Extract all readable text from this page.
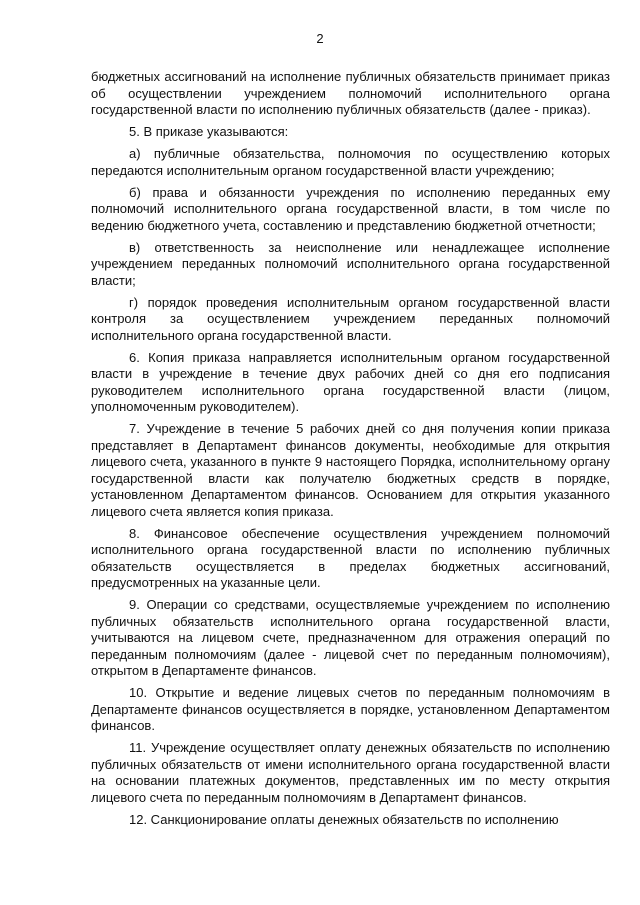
2

бюджетных ассигнований на исполнение публичных обязательств принимает приказ об осуществлении учреждением полномочий исполнительного органа государственной власти по исполнению публичных обязательств (далее - приказ).

5. В приказе указываются:

а) публичные обязательства, полномочия по осуществлению которых передаются исполнительным органом государственной власти учреждению;

б) права и обязанности учреждения по исполнению переданных ему полномочий исполнительного органа государственной власти, в том числе по ведению бюджетного учета, составлению и представлению бюджетной отчетности;

в) ответственность за неисполнение или ненадлежащее исполнение учреждением переданных полномочий исполнительного органа государственной власти;

г) порядок проведения исполнительным органом государственной власти контроля за осуществлением учреждением переданных полномочий исполнительного органа государственной власти.

6. Копия приказа направляется исполнительным органом государственной власти в учреждение в течение двух рабочих дней со дня его подписания руководителем исполнительного органа государственной власти (лицом, уполномоченным руководителем).

7. Учреждение в течение 5 рабочих дней со дня получения копии приказа представляет в Департамент финансов документы, необходимые для открытия лицевого счета, указанного в пункте 9 настоящего Порядка, исполнительному органу государственной власти как получателю бюджетных средств в порядке, установленном Департаментом финансов. Основанием для открытия указанного лицевого счета является копия приказа.

8. Финансовое обеспечение осуществления учреждением полномочий исполнительного органа государственной власти по исполнению публичных обязательств осуществляется в пределах бюджетных ассигнований, предусмотренных на указанные цели.

9. Операции со средствами, осуществляемые учреждением по исполнению публичных обязательств исполнительного органа государственной власти, учитываются на лицевом счете, предназначенном для отражения операций по переданным полномочиям (далее - лицевой счет по переданным полномочиям), открытом в Департаменте финансов.

10. Открытие и ведение лицевых счетов по переданным полномочиям в Департаменте финансов осуществляется в порядке, установленном Департаментом финансов.

11. Учреждение осуществляет оплату денежных обязательств по исполнению публичных обязательств от имени исполнительного органа государственной власти на основании платежных документов, представленных им по месту открытия лицевого счета по переданным полномочиям в Департамент финансов.

12. Санкционирование оплаты денежных обязательств по исполнению
